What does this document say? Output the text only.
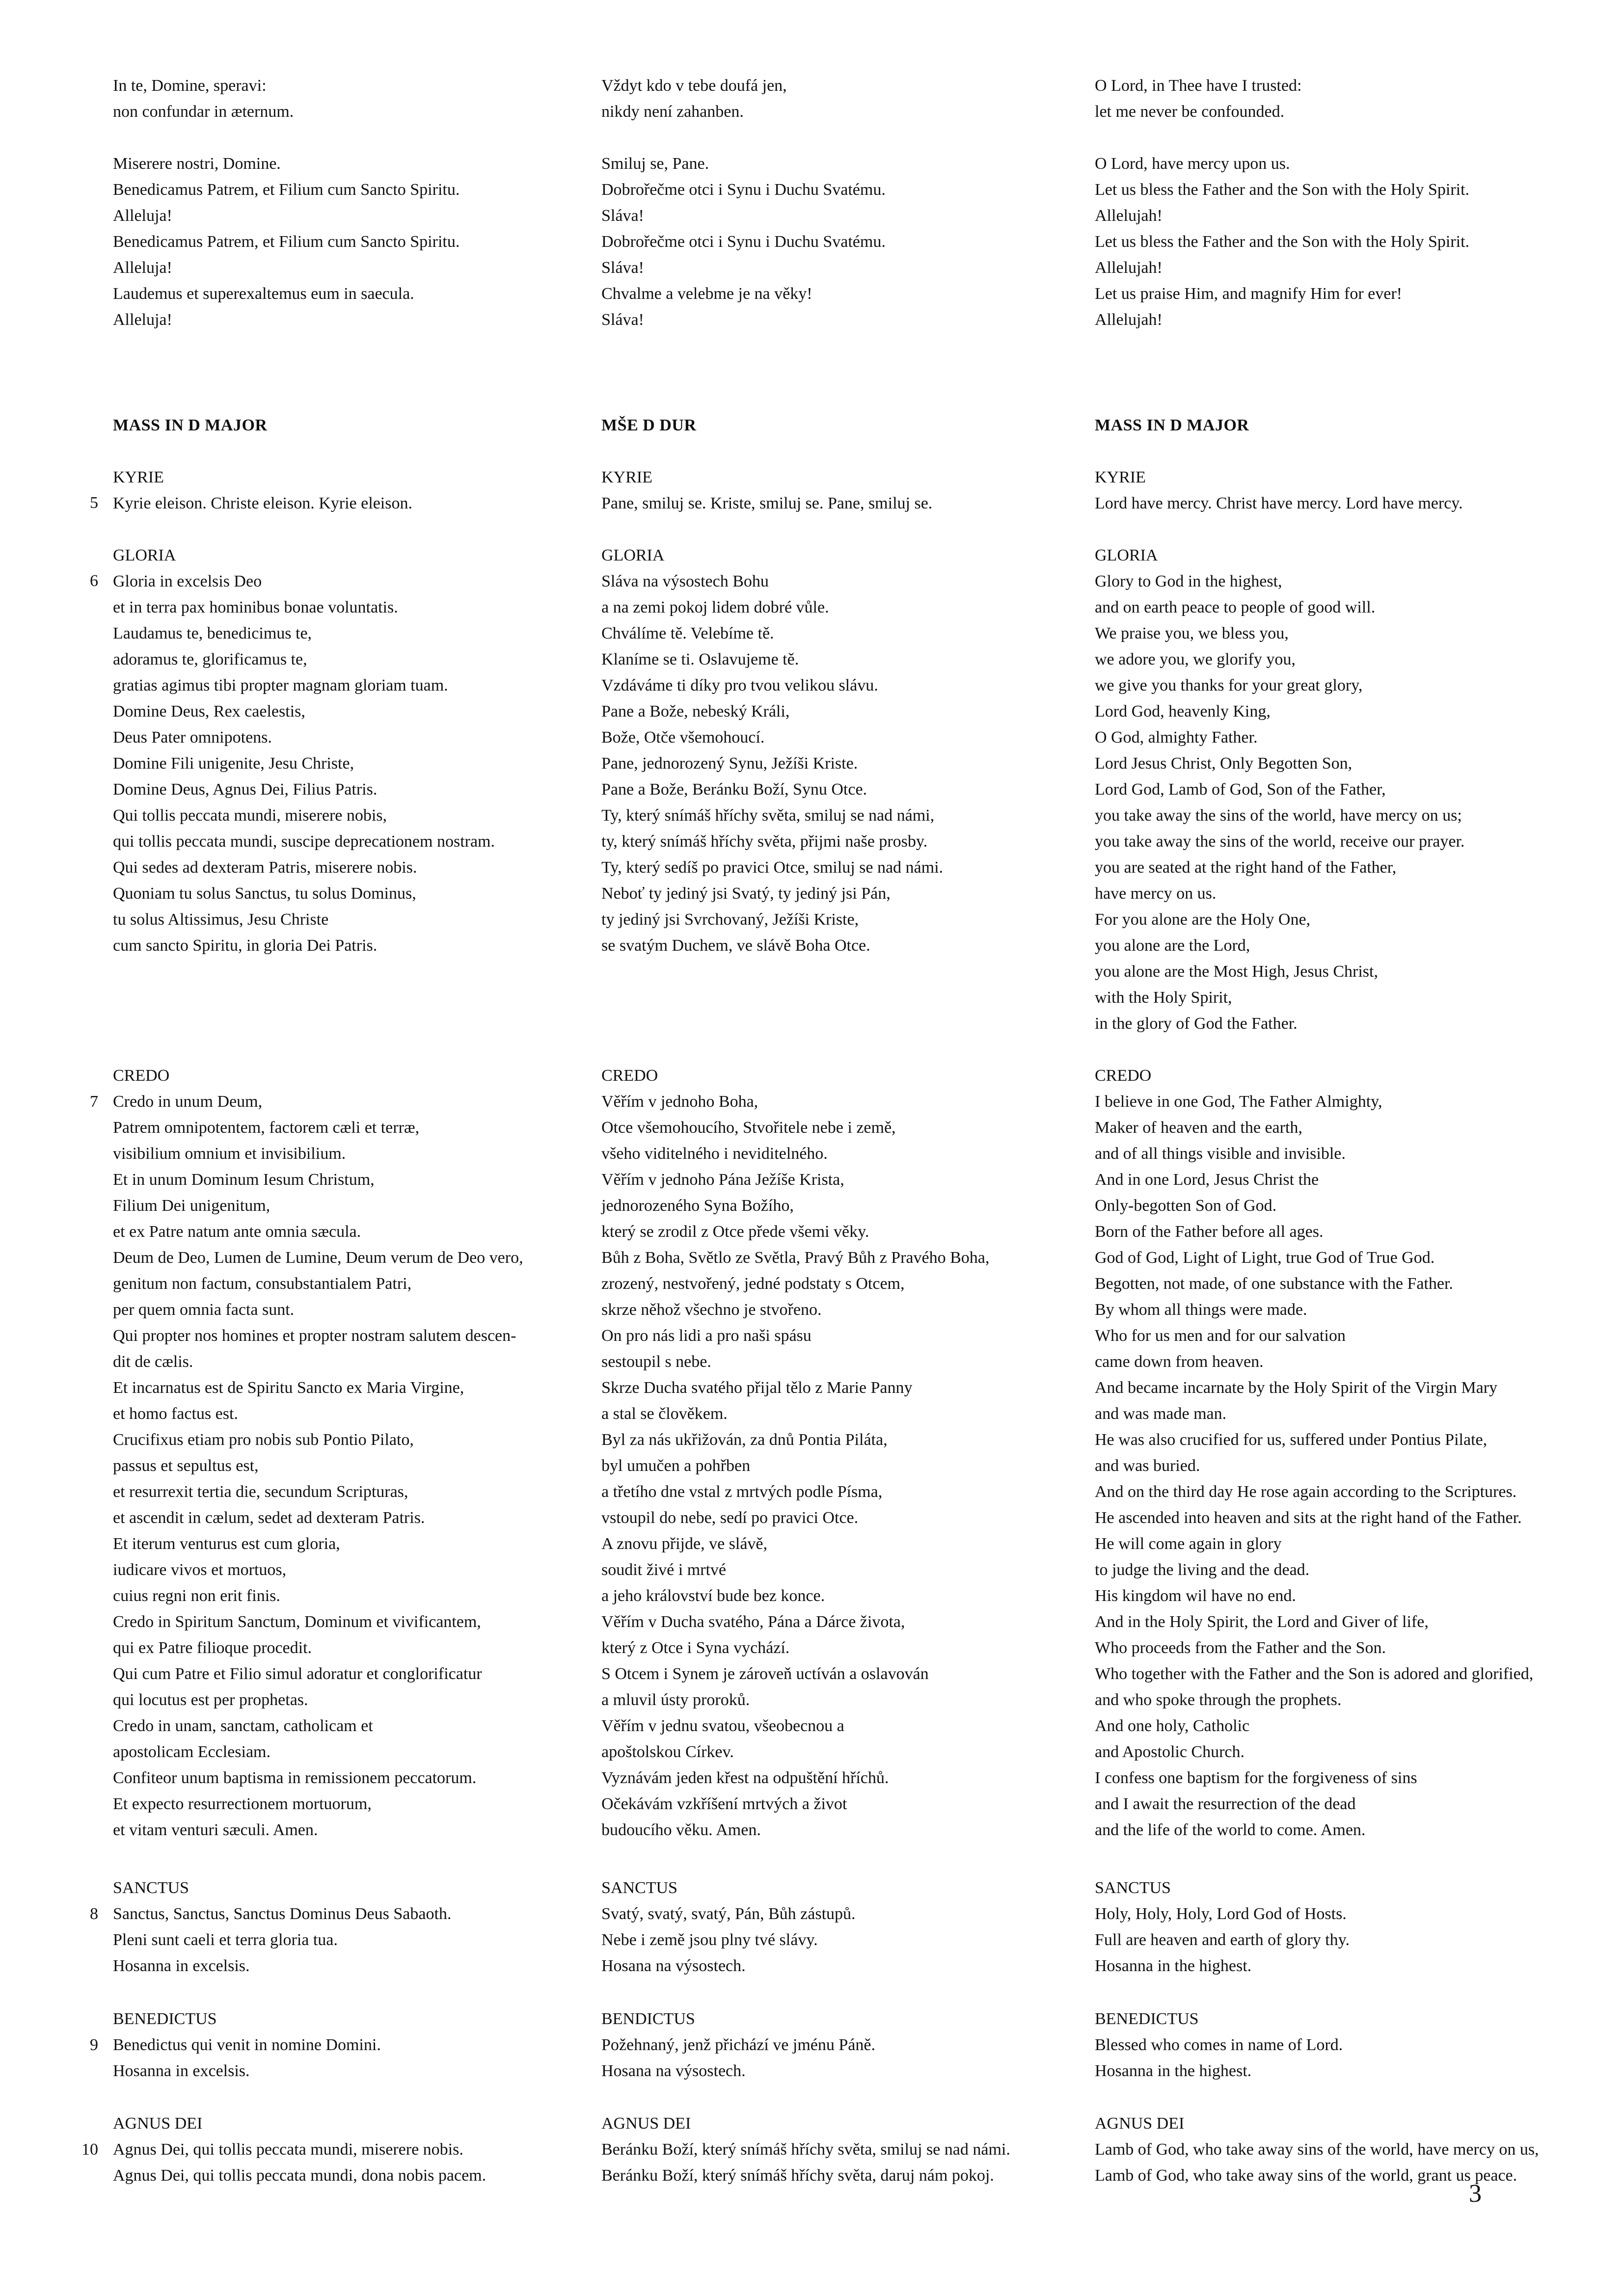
5
6
7
8
9
10
In te, Domine, speravi:
non confundar in æternum.
Miserere nostri, Domine.
Benedicamus Patrem, et Filium cum Sancto Spiritu.
Alleluja!
Benedicamus Patrem, et Filium cum Sancto Spiritu.
Alleluja!
Laudemus et superexaltemus eum in saecula.
Alleluja!
MASS IN D MAJOR
KYRIE
Kyrie eleison. Christe eleison. Kyrie eleison.
GLORIA
Gloria in excelsis Deo
et in terra pax hominibus bonae voluntatis.
Laudamus te, benedicimus te,
adoramus te, glorificamus te,
gratias agimus tibi propter magnam gloriam tuam.
Domine Deus, Rex caelestis,
Deus Pater omnipotens.
Domine Fili unigenite, Jesu Christe,
Domine Deus, Agnus Dei, Filius Patris.
Qui tollis peccata mundi, miserere nobis,
qui tollis peccata mundi, suscipe deprecationem nostram.
Qui sedes ad dexteram Patris, miserere nobis.
Quoniam tu solus Sanctus, tu solus Dominus,
tu solus Altissimus, Jesu Christe
cum sancto Spiritu, in gloria Dei Patris.
CREDO
Credo in unum Deum,
Patrem omnipotentem, factorem cæli et terræ,
visibilium omnium et invisibilium.
Et in unum Dominum Iesum Christum,
Filium Dei unigenitum,
et ex Patre natum ante omnia sæcula.
Deum de Deo, Lumen de Lumine, Deum verum de Deo vero,
genitum non factum, consubstantialem Patri,
per quem omnia facta sunt.
Qui propter nos homines et propter nostram salutem descen-
dit de cælis.
Et incarnatus est de Spiritu Sancto ex Maria Virgine,
et homo factus est.
Crucifixus etiam pro nobis sub Pontio Pilato,
passus et sepultus est,
et resurrexit tertia die, secundum Scripturas,
et ascendit in cælum, sedet ad dexteram Patris.
Et iterum venturus est cum gloria,
iudicare vivos et mortuos,
cuius regni non erit finis.
Credo in Spiritum Sanctum, Dominum et vivificantem,
qui ex Patre filioque procedit.
Qui cum Patre et Filio simul adoratur et conglorificatur
qui locutus est per prophetas.
Credo in unam, sanctam, catholicam et
apostolicam Ecclesiam.
Confiteor unum baptisma in remissionem peccatorum.
Et expecto resurrectionem mortuorum,
et vitam venturi sæculi. Amen.
SANCTUS
Sanctus, Sanctus, Sanctus Dominus Deus Sabaoth.
Pleni sunt caeli et terra gloria tua.
Hosanna in excelsis.
BENEDICTUS
Benedictus qui venit in nomine Domini.
Hosanna in excelsis.
AGNUS DEI
Agnus Dei, qui tollis peccata mundi, miserere nobis.
Agnus Dei, qui tollis peccata mundi, dona nobis pacem.
Vždyt kdo v tebe doufá jen,
nikdy není zahanben.
Smiluj se, Pane.
Dobrořečme otci i Synu i Duchu Svatému.
Sláva!
Dobrořečme otci i Synu i Duchu Svatému.
Sláva!
Chvalme a velebme je na věky!
Sláva!
MŠE D DUR
KYRIE
Pane, smiluj se. Kriste, smiluj se. Pane, smiluj se.
GLORIA
Sláva na výsostech Bohu
a na zemi pokoj lidem dobré vůle.
Chválíme tě. Velebíme tě.
Klaníme se ti. Oslavujeme tě.
Vzdáváme ti díky pro tvou velikou slávu.
Pane a Bože, nebeský Králi,
Bože, Otče všemohoucí.
Pane, jednorozený Synu, Ježíši Kriste.
Pane a Bože, Beránku Boží, Synu Otce.
Ty, který snímáš hříchy světa, smiluj se nad námi,
ty, který snímáš hříchy světa, přijmi naše prosby.
Ty, který sedíš po pravici Otce, smiluj se nad námi.
Neboť ty jediný jsi Svatý, ty jediný jsi Pán,
ty jediný jsi Svrchovaný, Ježíši Kriste,
se svatým Duchem, ve slávě Boha Otce.
CREDO
Věřím v jednoho Boha,
Otce všemohoucího, Stvořitele nebe i země,
všeho viditelného i neviditelného.
Věřím v jednoho Pána Ježíše Krista,
jednorozeného Syna Božího,
který se zrodil z Otce přede všemi věky.
Bůh z Boha, Světlo ze Světla, Pravý Bůh z Pravého Boha,
zrozený, nestvořený, jedné podstaty s Otcem,
skrze něhož všechno je stvořeno.
On pro nás lidi a pro naši spásu
sestoupil s nebe.
Skrze Ducha svatého přijal tělo z Marie Panny
a stal se člověkem.
Byl za nás ukřižován, za dnů Pontia Piláta,
byl umučen a pohřben
a třetího dne vstal z mrtvých podle Písma,
vstoupil do nebe, sedí po pravici Otce.
A znovu přijde, ve slávě,
soudit živé i mrtvé
a jeho království bude bez konce.
Věřím v Ducha svatého, Pána a Dárce života,
který z Otce i Syna vychází.
S Otcem i Synem je zároveň uctíván a oslavován
a mluvil ústy proroků.
Věřím v jednu svatou, všeobecnou a
apoštolskou Církev.
Vyznávám jeden křest na odpuštění hříchů.
Očekávám vzkříšení mrtvých a život
budoucího věku. Amen.
SANCTUS
Svatý, svatý, svatý, Pán, Bůh zástupů.
Nebe i země jsou plny tvé slávy.
Hosana na výsostech.
BENDICTUS
Požehnaný, jenž přichází ve jménu Páně.
Hosana na výsostech.
AGNUS DEI
Beránku Boží, který snímáš hříchy světa, smiluj se nad námi.
Beránku Boží, který snímáš hříchy světa, daruj nám pokoj.
O Lord, in Thee have I trusted:
let me never be confounded.
O Lord, have mercy upon us.
Let us bless the Father and the Son with the Holy Spirit.
Allelujah!
Let us bless the Father and the Son with the Holy Spirit.
Allelujah!
Let us praise Him, and magnify Him for ever!
Allelujah!
MASS IN D MAJOR
KYRIE
Lord have mercy. Christ have mercy. Lord have mercy.
GLORIA
Glory to God in the highest,
and on earth peace to people of good will.
We praise you, we bless you,
we adore you, we glorify you,
we give you thanks for your great glory,
Lord God, heavenly King,
O God, almighty Father.
Lord Jesus Christ, Only Begotten Son,
Lord God, Lamb of God, Son of the Father,
you take away the sins of the world, have mercy on us;
you take away the sins of the world, receive our prayer.
you are seated at the right hand of the Father,
have mercy on us.
For you alone are the Holy One,
you alone are the Lord,
you alone are the Most High, Jesus Christ,
with the Holy Spirit,
in the glory of God the Father.
CREDO
I believe in one God, The Father Almighty,
Maker of heaven and the earth,
and of all things visible and invisible.
And in one Lord, Jesus Christ the
Only-begotten Son of God.
Born of the Father before all ages.
God of God, Light of Light, true God of True God.
Begotten, not made, of one substance with the Father.
By whom all things were made.
Who for us men and for our salvation
came down from heaven.
And became incarnate by the Holy Spirit of the Virgin Mary
and was made man.
He was also crucified for us, suffered under Pontius Pilate,
and was buried.
And on the third day He rose again according to the Scriptures.
He ascended into heaven and sits at the right hand of the Father.
He will come again in glory
to judge the living and the dead.
His kingdom wil have no end.
And in the Holy Spirit, the Lord and Giver of life,
Who proceeds from the Father and the Son.
Who together with the Father and the Son is adored and glorified,
and who spoke through the prophets.
And one holy, Catholic
and Apostolic Church.
I confess one baptism for the forgiveness of sins
and I await the resurrection of the dead
and the life of the world to come. Amen.
SANCTUS
Holy, Holy, Holy, Lord God of Hosts.
Full are heaven and earth of glory thy.
Hosanna in the highest.
BENEDICTUS
Blessed who comes in name of Lord.
Hosanna in the highest.
AGNUS DEI
Lamb of God, who take away sins of the world, have mercy on us,
Lamb of God, who take away sins of the world, grant us peace.
3
